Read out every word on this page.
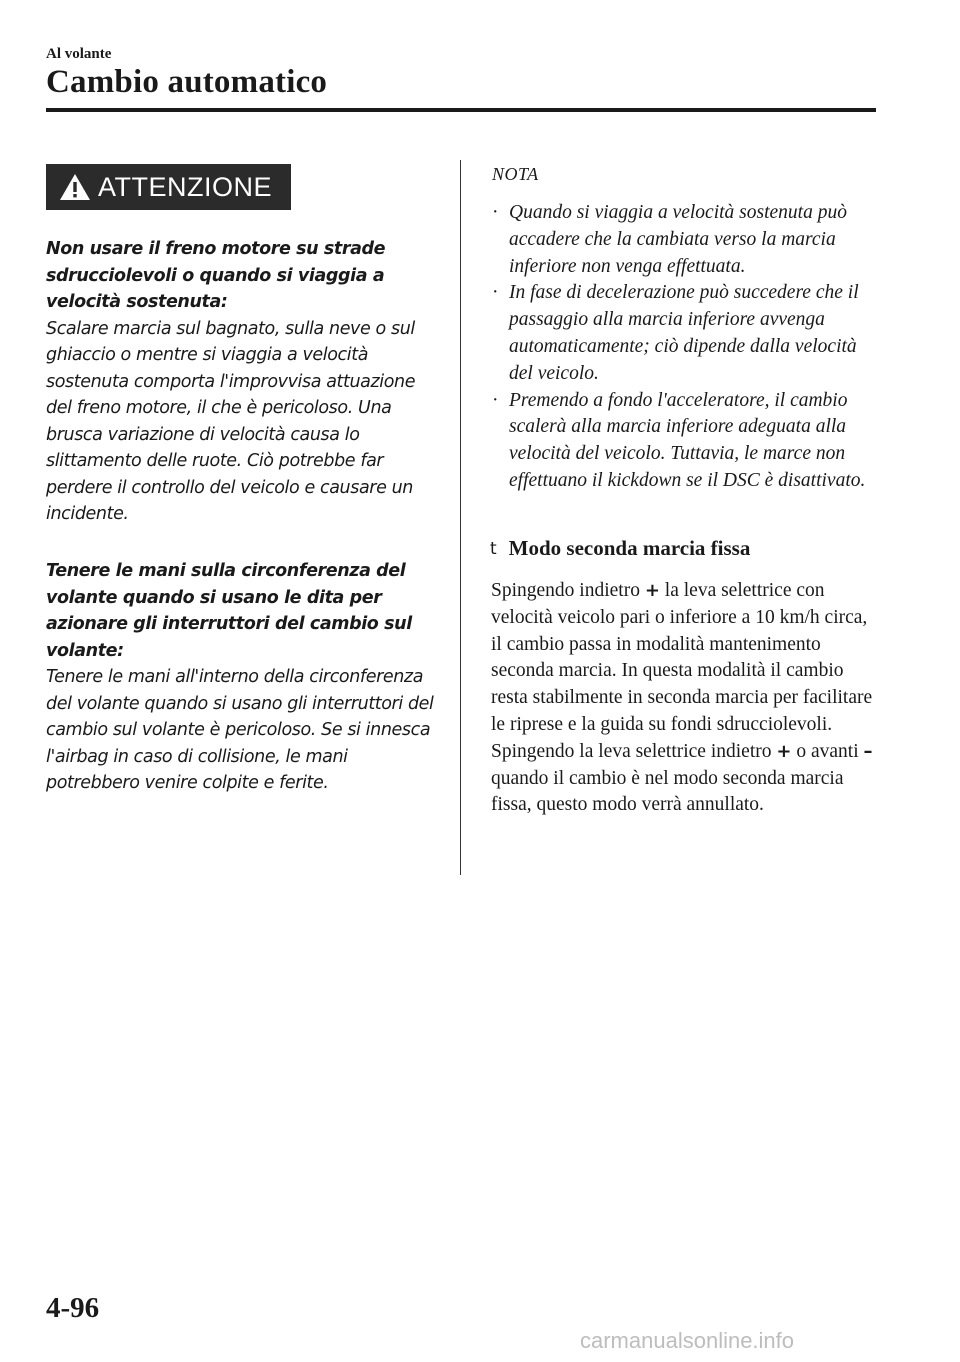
Al volante
Cambio automatico
ATTENZIONE
Non usare il freno motore su strade sdrucciolevoli o quando si viaggia a velocità sostenuta:
Scalare marcia sul bagnato, sulla neve o sul ghiaccio o mentre si viaggia a velocità sostenuta comporta l'improvvisa attuazione del freno motore, il che è pericoloso. Una brusca variazione di velocità causa lo slittamento delle ruote. Ciò potrebbe far perdere il controllo del veicolo e causare un incidente.
Tenere le mani sulla circonferenza del volante quando si usano le dita per azionare gli interruttori del cambio sul volante:
Tenere le mani all'interno della circonferenza del volante quando si usano gli interruttori del cambio sul volante è pericoloso. Se si innesca l'airbag in caso di collisione, le mani potrebbero venire colpite e ferite.
NOTA
· Quando si viaggia a velocità sostenuta può accadere che la cambiata verso la marcia inferiore non venga effettuata.
· In fase di decelerazione può succedere che il passaggio alla marcia inferiore avvenga automaticamente; ciò dipende dalla velocità del veicolo.
· Premendo a fondo l'acceleratore, il cambio scalerà alla marcia inferiore adeguata alla velocità del veicolo. Tuttavia, le marce non effettuano il kickdown se il DSC è disattivato.
t Modo seconda marcia fissa
Spingendo indietro + la leva selettrice con velocità veicolo pari o inferiore a 10 km/h circa, il cambio passa in modalità mantenimento seconda marcia. In questa modalità il cambio resta stabilmente in seconda marcia per facilitare le riprese e la guida su fondi sdrucciolevoli.
Spingendo la leva selettrice indietro + o avanti – quando il cambio è nel modo seconda marcia fissa, questo modo verrà annullato.
4-96
carmanualsonline.info
